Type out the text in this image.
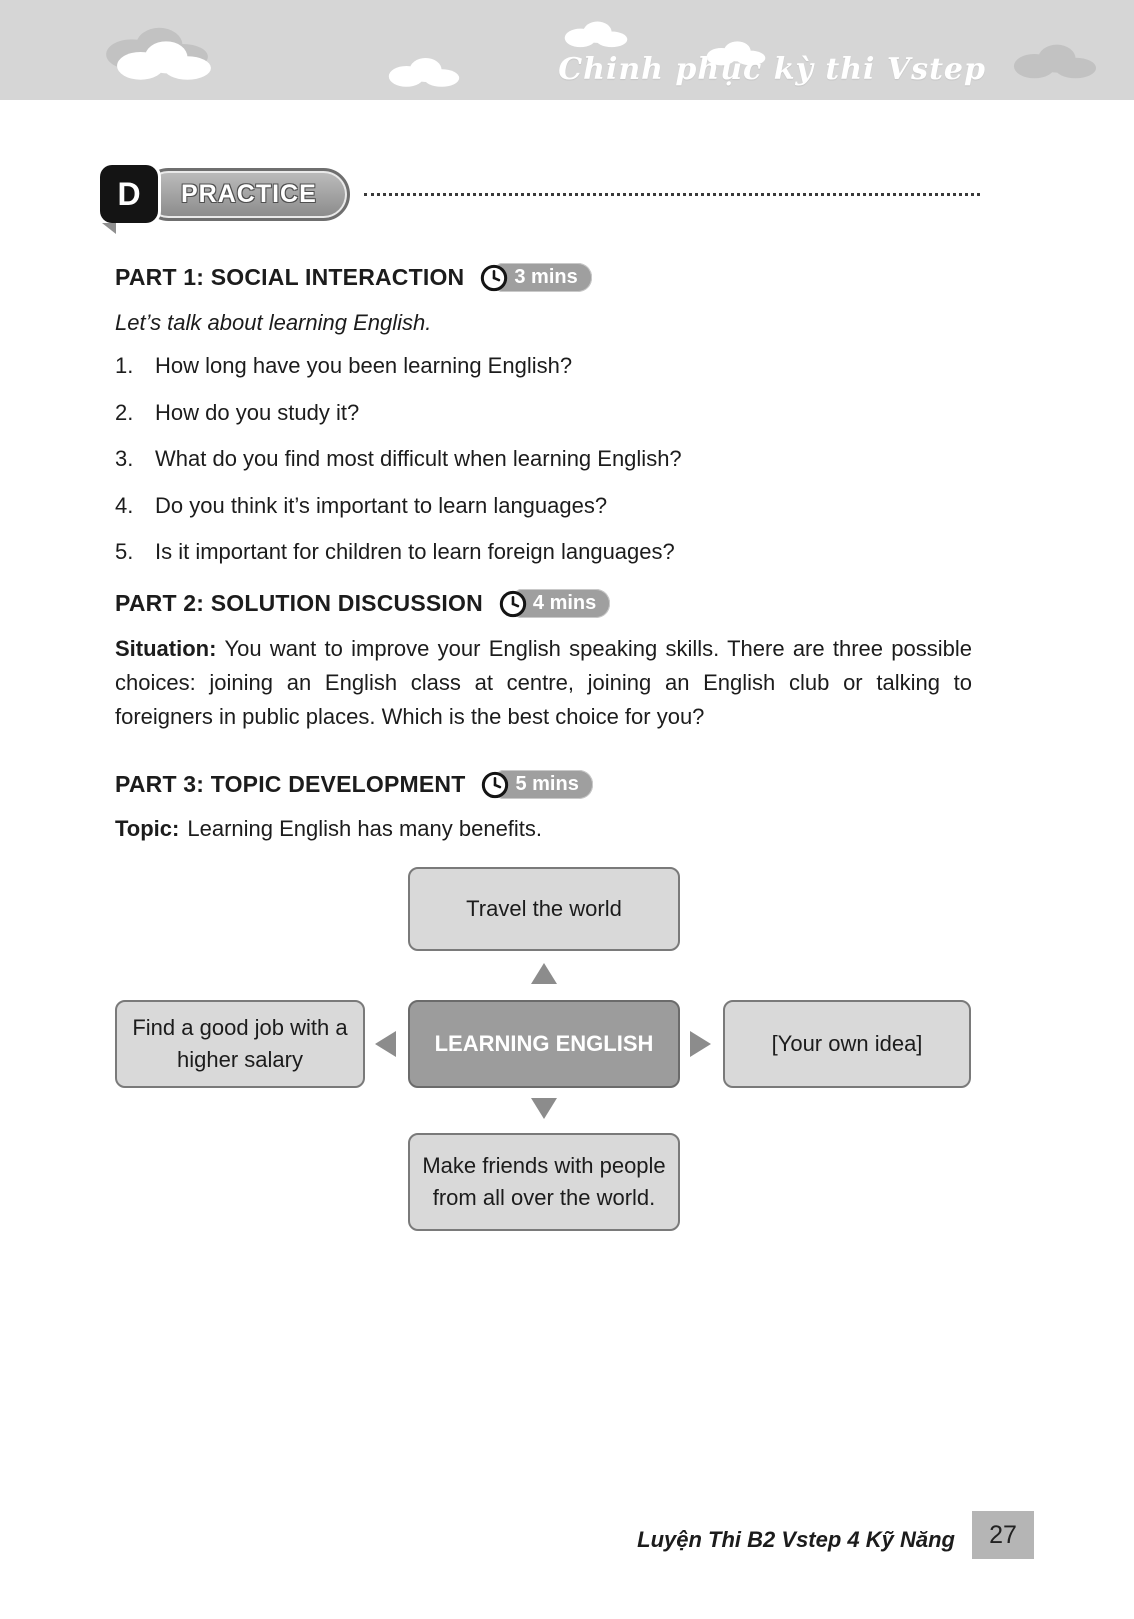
Chinh phục kỳ thi Vstep
D	PRACTICE
PART 1: SOCIAL INTERACTION	3 mins
Let’s talk about learning English.
1. How long have you been learning English?
2. How do you study it?
3. What do you find most difficult when learning English?
4. Do you think it’s important to learn languages?
5. Is it important for children to learn foreign languages?
PART 2: SOLUTION DISCUSSION	4 mins

Situation: You want to improve your English speaking skills. There are three possible choices: joining an English class at centre, joining an English club or talking to foreigners in public places. Which is the best choice for you?

PART 3: TOPIC DEVELOPMENT	5 mins
Topic: Learning English has many benefits.
Travel the world
Find a good job with a higher salary
LEARNING ENGLISH	[Your own idea]
Make friends with people from all over the world.
Luyện Thi B2 Vstep 4 Kỹ Năng	27
